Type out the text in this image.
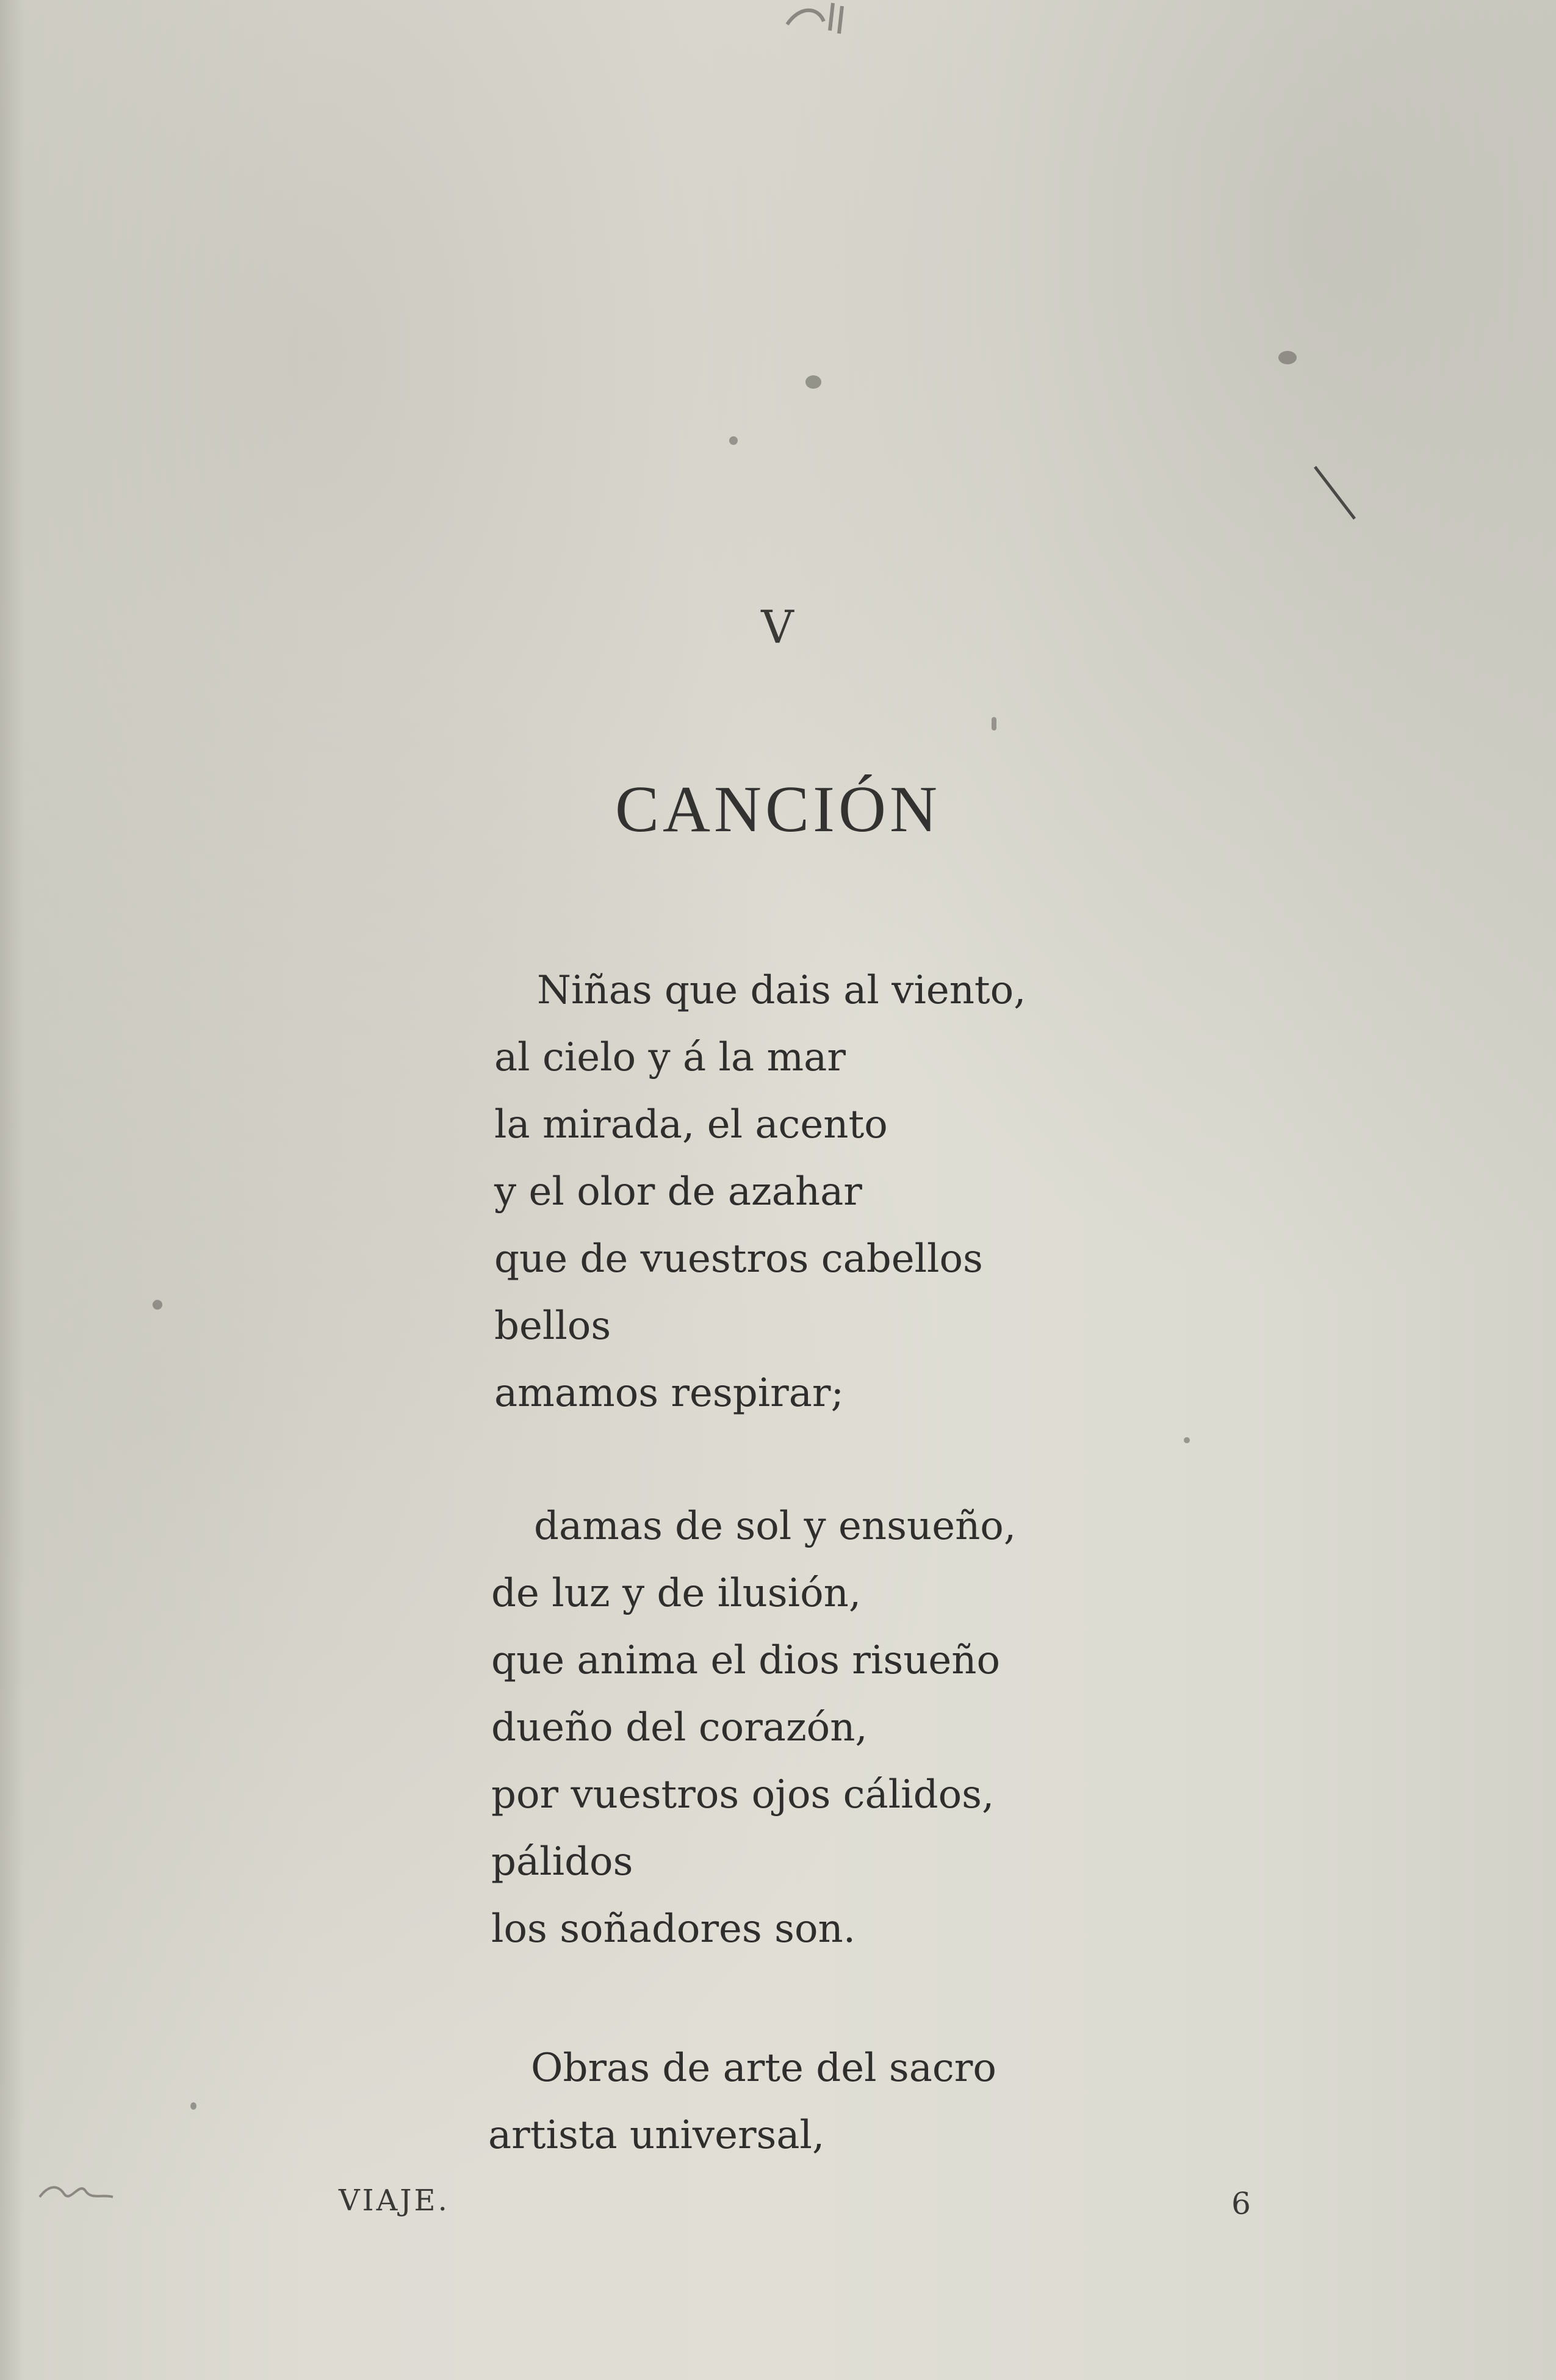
V
CANCIÓN
Niñas que dais al viento,
al cielo y á la mar
la mirada, el acento
y el olor de azahar
que de vuestros cabellos
bellos
amamos respirar;
damas de sol y ensueño,
de luz y de ilusión,
que anima el dios risueño
dueño del corazón,
por vuestros ojos cálidos,
pálidos
los soñadores son.
Obras de arte del sacro
artista universal,
VIAJE.	6
